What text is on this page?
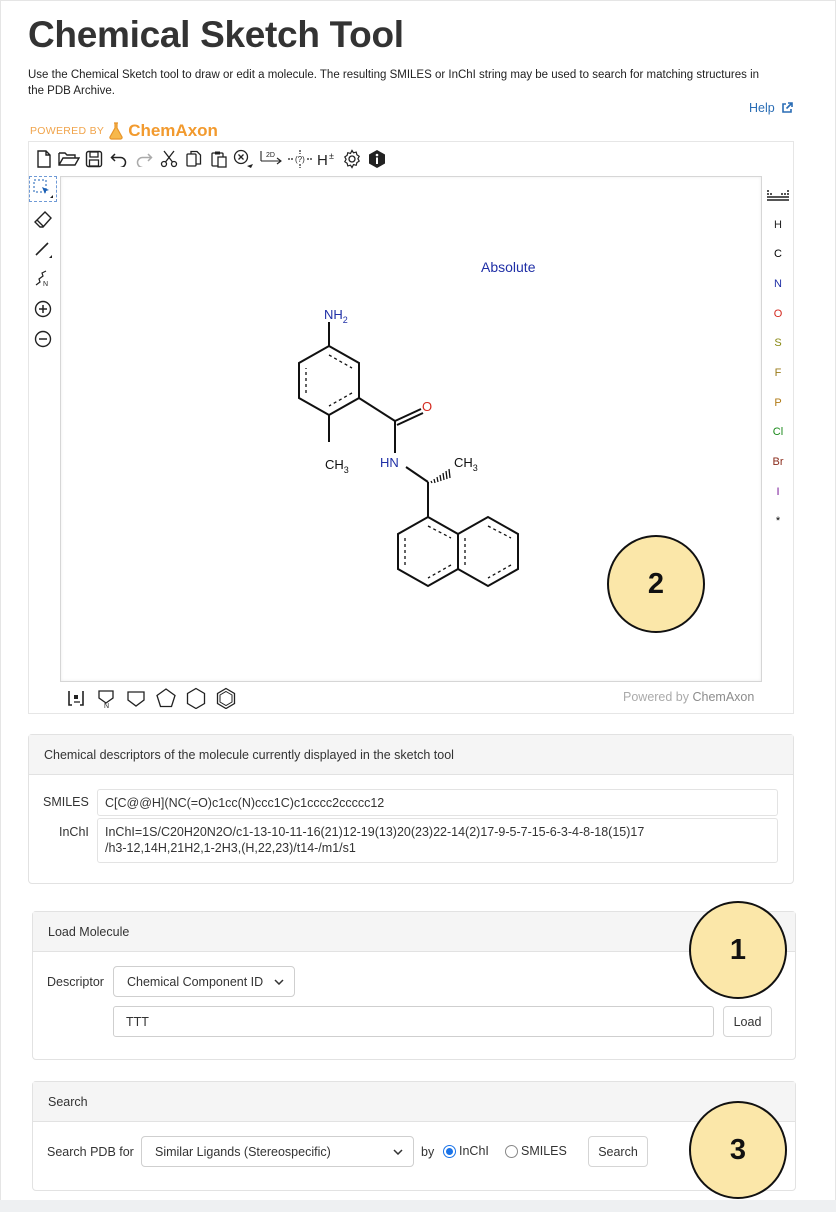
Chemical Sketch Tool

Use the Chemical Sketch tool to draw or edit a molecule. The resulting SMILES or InChI string may be used to search for matching structures in the PDB Archive.

Help
POWERED BY ChemAxon
2D	(?) H ±
N
Absolute
$NH_2$
O
$CH_3$ HN	$CH_3$
H
C
N
O
S
F
P
Cl
Br
I
*
N
Powered by ChemAxon
2
Chemical descriptors of the molecule currently displayed in the sketch tool
SMILES	C[C@@H](NC(=O)c1cc(N)ccc1C)c1cccc2ccccc12
InChI InChI=1S/C20H20N2O/c1-13-10-11-16(21)12-19(13)20(23)22-14(2)17-9-5-7-15-6-3-4-8-18(15)17
/h3-12,14H,21H2,1-2H3,(H,22,23)/t14-/m1/s1
Load Molecule
Descriptor Chemical Component ID
TTT	Load
1
Search
Search PDB for Similar Ligands (Stereospecific)	by InChI	SMILES	Search	3
